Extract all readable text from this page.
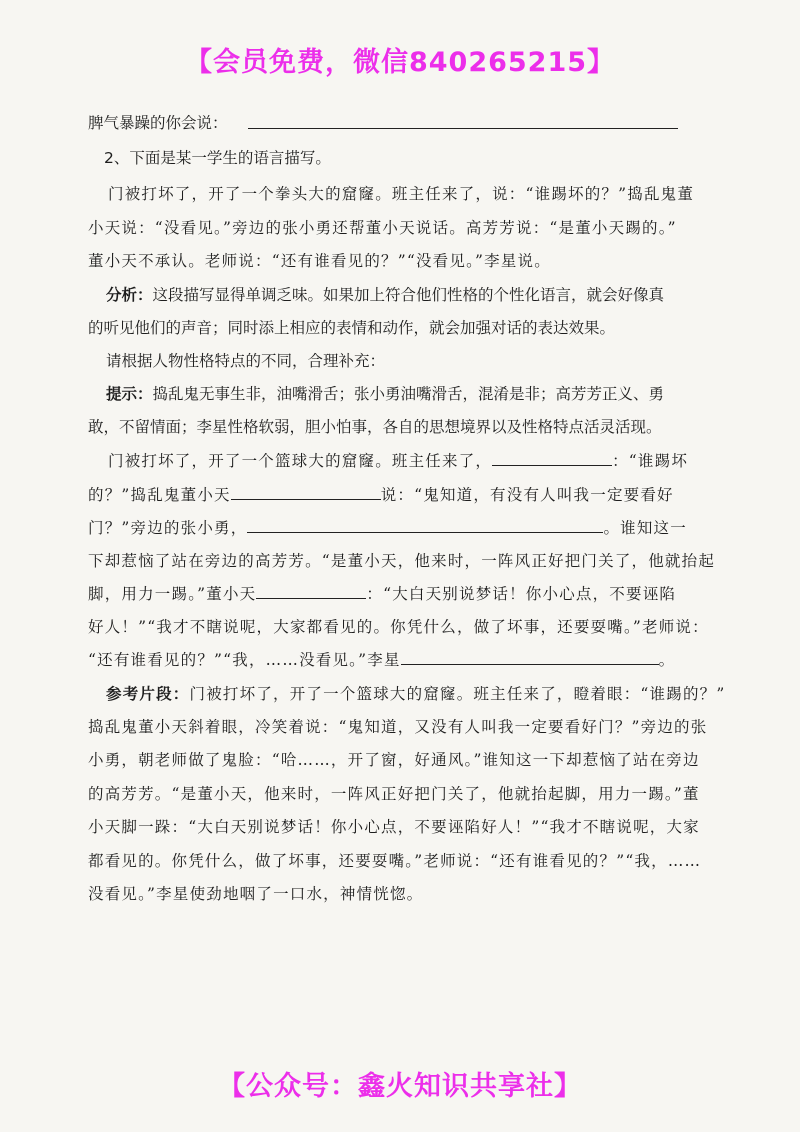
【会员免费，微信840265215】
脾气暴躁的你会说：
2、下面是某一学生的语言描写。
门被打坏了，开了一个拳头大的窟窿。班主任来了，说：“谁踢坏的？”捣乱鬼董
小天说：“没看见。”旁边的张小勇还帮董小天说话。高芳芳说：“是董小天踢的。”
董小天不承认。老师说：“还有谁看见的？”“没看见。”李星说。
分析：这段描写显得单调乏味。如果加上符合他们性格的个性化语言，就会好像真
的听见他们的声音；同时添上相应的表情和动作，就会加强对话的表达效果。
请根据人物性格特点的不同，合理补充：
提示：捣乱鬼无事生非，油嘴滑舌；张小勇油嘴滑舌，混淆是非；高芳芳正义、勇
敢，不留情面；李星性格软弱，胆小怕事，各自的思想境界以及性格特点活灵活现。
门被打坏了，开了一个篮球大的窟窿。班主任来了，	：“谁踢坏
的？”捣乱鬼董小天	说：“鬼知道，有没有人叫我一定要看好
门？”旁边的张小勇，	。谁知这一
下却惹恼了站在旁边的高芳芳。“是董小天，他来时，一阵风正好把门关了，他就抬起
脚，用力一踢。”董小天	：“大白天别说梦话！你小心点，不要诬陷
好人！”“我才不瞎说呢，大家都看见的。你凭什么，做了坏事，还要耍嘴。”老师说：
“还有谁看见的？”“我，……没看见。”李星	。
参考片段：门被打坏了，开了一个篮球大的窟窿。班主任来了，瞪着眼：“谁踢的？”
捣乱鬼董小天斜着眼，冷笑着说：“鬼知道，又没有人叫我一定要看好门？”旁边的张
小勇，朝老师做了鬼脸：“哈……，开了窗，好通风。”谁知这一下却惹恼了站在旁边
的高芳芳。“是董小天，他来时，一阵风正好把门关了，他就抬起脚，用力一踢。”董
小天脚一跺：“大白天别说梦话！你小心点，不要诬陷好人！”“我才不瞎说呢，大家
都看见的。你凭什么，做了坏事，还要耍嘴。”老师说：“还有谁看见的？”“我，……
没看见。”李星使劲地咽了一口水，神情恍惚。
【公众号：鑫火知识共享社】
